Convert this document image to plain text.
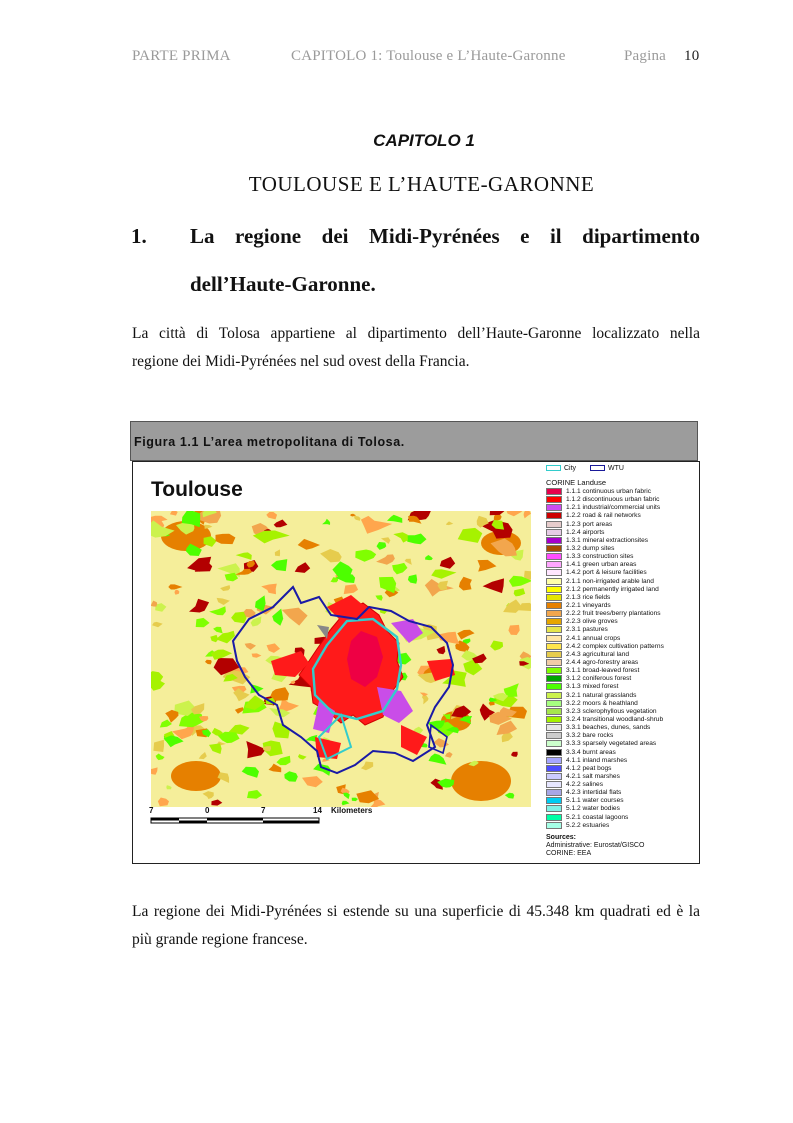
PARTE PRIMA	CAPITOLO 1: Toulouse e L’Haute-Garonne	Pagina 10
CAPITOLO 1
TOULOUSE E L’HAUTE-GARONNE
1. La regione dei Midi-Pyrénées e il dipartimento
dell’Haute-Garonne.
La città di Tolosa appartiene al dipartimento dell’Haute-Garonne localizzato nella
regione dei Midi-Pyrénées nel sud ovest della Francia.
Figura 1.1 L’area metropolitana di Tolosa.
Toulouse
City	WTU
CORINE Landuse
1.1.1 continuous urban fabric
1.1.2 discontinuous urban fabric
1.2.1 industrial/commercial units
1.2.2 road & rail networks
1.2.3 port areas
1.2.4 airports
1.3.1 mineral extractionsites
1.3.2 dump sites
1.3.3 construction sites
1.4.1 green urban areas
1.4.2 port & leisure facilities
2.1.1 non-irrigated arable land
2.1.2 permanently irrigated land
2.1.3 rice fields
2.2.1 vineyards
2.2.2 fruit trees/berry plantations
2.2.3 olive groves
2.3.1 pastures
2.4.1 annual crops
2.4.2 complex cultivation patterns
2.4.3 agricultural land
2.4.4 agro-forestry areas
3.1.1 broad-leaved forest
3.1.2 coniferous forest
3.1.3 mixed forest
3.2.1 natural grasslands
3.2.2 moors & heathland
3.2.3 sclerophyllous vegetation
3.2.4 transitional woodland-shrub
3.3.1 beaches, dunes, sands
3.3.2 bare rocks
3.3.3 sparsely vegetated areas
3.3.4 burnt areas
4.1.1 inland marshes
4.1.2 peat bogs
4.2.1 salt marshes
4.2.2 salines
4.2.3 intertidal flats
5.1.1 water courses
5.1.2 water bodies
5.2.1 coastal lagoons
5.2.2 estuaries
Sources:
Administrative: Eurostat/GISCO
CORINE: EEA
7	0	7	14 Kilometers
La regione dei Midi-Pyrénées si estende su una superficie di 45.348 km quadrati ed è la
più grande regione francese.
